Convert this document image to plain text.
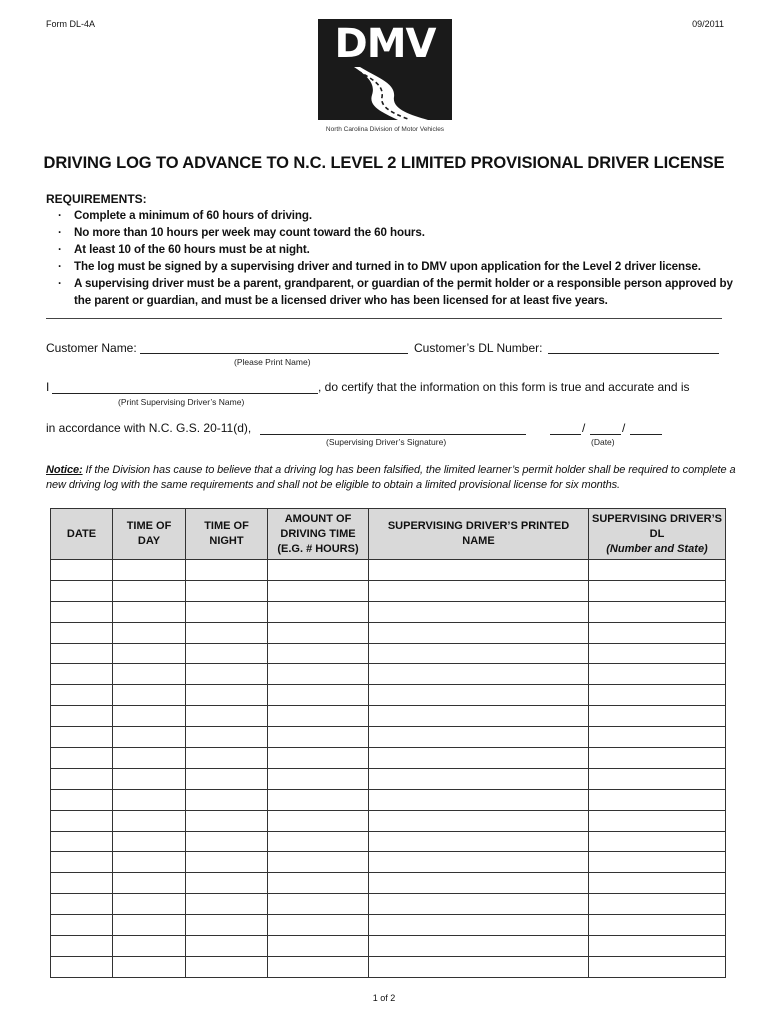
Form DL-4A	09/2011
DMV
North Carolina Division of Motor Vehicles
DRIVING LOG TO ADVANCE TO N.C. LEVEL 2 LIMITED PROVISIONAL DRIVER LICENSE
REQUIREMENTS:
· Complete a minimum of 60 hours of driving.
· No more than 10 hours per week may count toward the 60 hours.
· At least 10 of the 60 hours must be at night.
· The log must be signed by a supervising driver and turned in to DMV upon application for the Level 2 driver license.
· A supervising driver must be a parent, grandparent, or guardian of the permit holder or a responsible person approved by the parent or guardian, and must be a licensed driver who has been licensed for at least five years.
Customer Name:
(Please Print Name)
Customer’s DL Number:
I
(Print Supervising Driver’s Name)
, do certify that the information on this form is true and accurate and is
in accordance with N.C. G.S. 20-11(d),
(Supervising Driver’s Signature)
/	/
(Date)
Notice: If the Division has cause to believe that a driving log has been falsified, the limited learner’s permit holder shall be required to complete a new driving log with the same requirements and shall not be eligible to obtain a limited provisional license for six months.
DATE	TIME OF DAY	TIME OF NIGHT	AMOUNT OF DRIVING TIME (E.G. # HOURS)	SUPERVISING DRIVER’S PRINTED NAME	SUPERVISING DRIVER’S DL
(Number and State)

1 of 2
